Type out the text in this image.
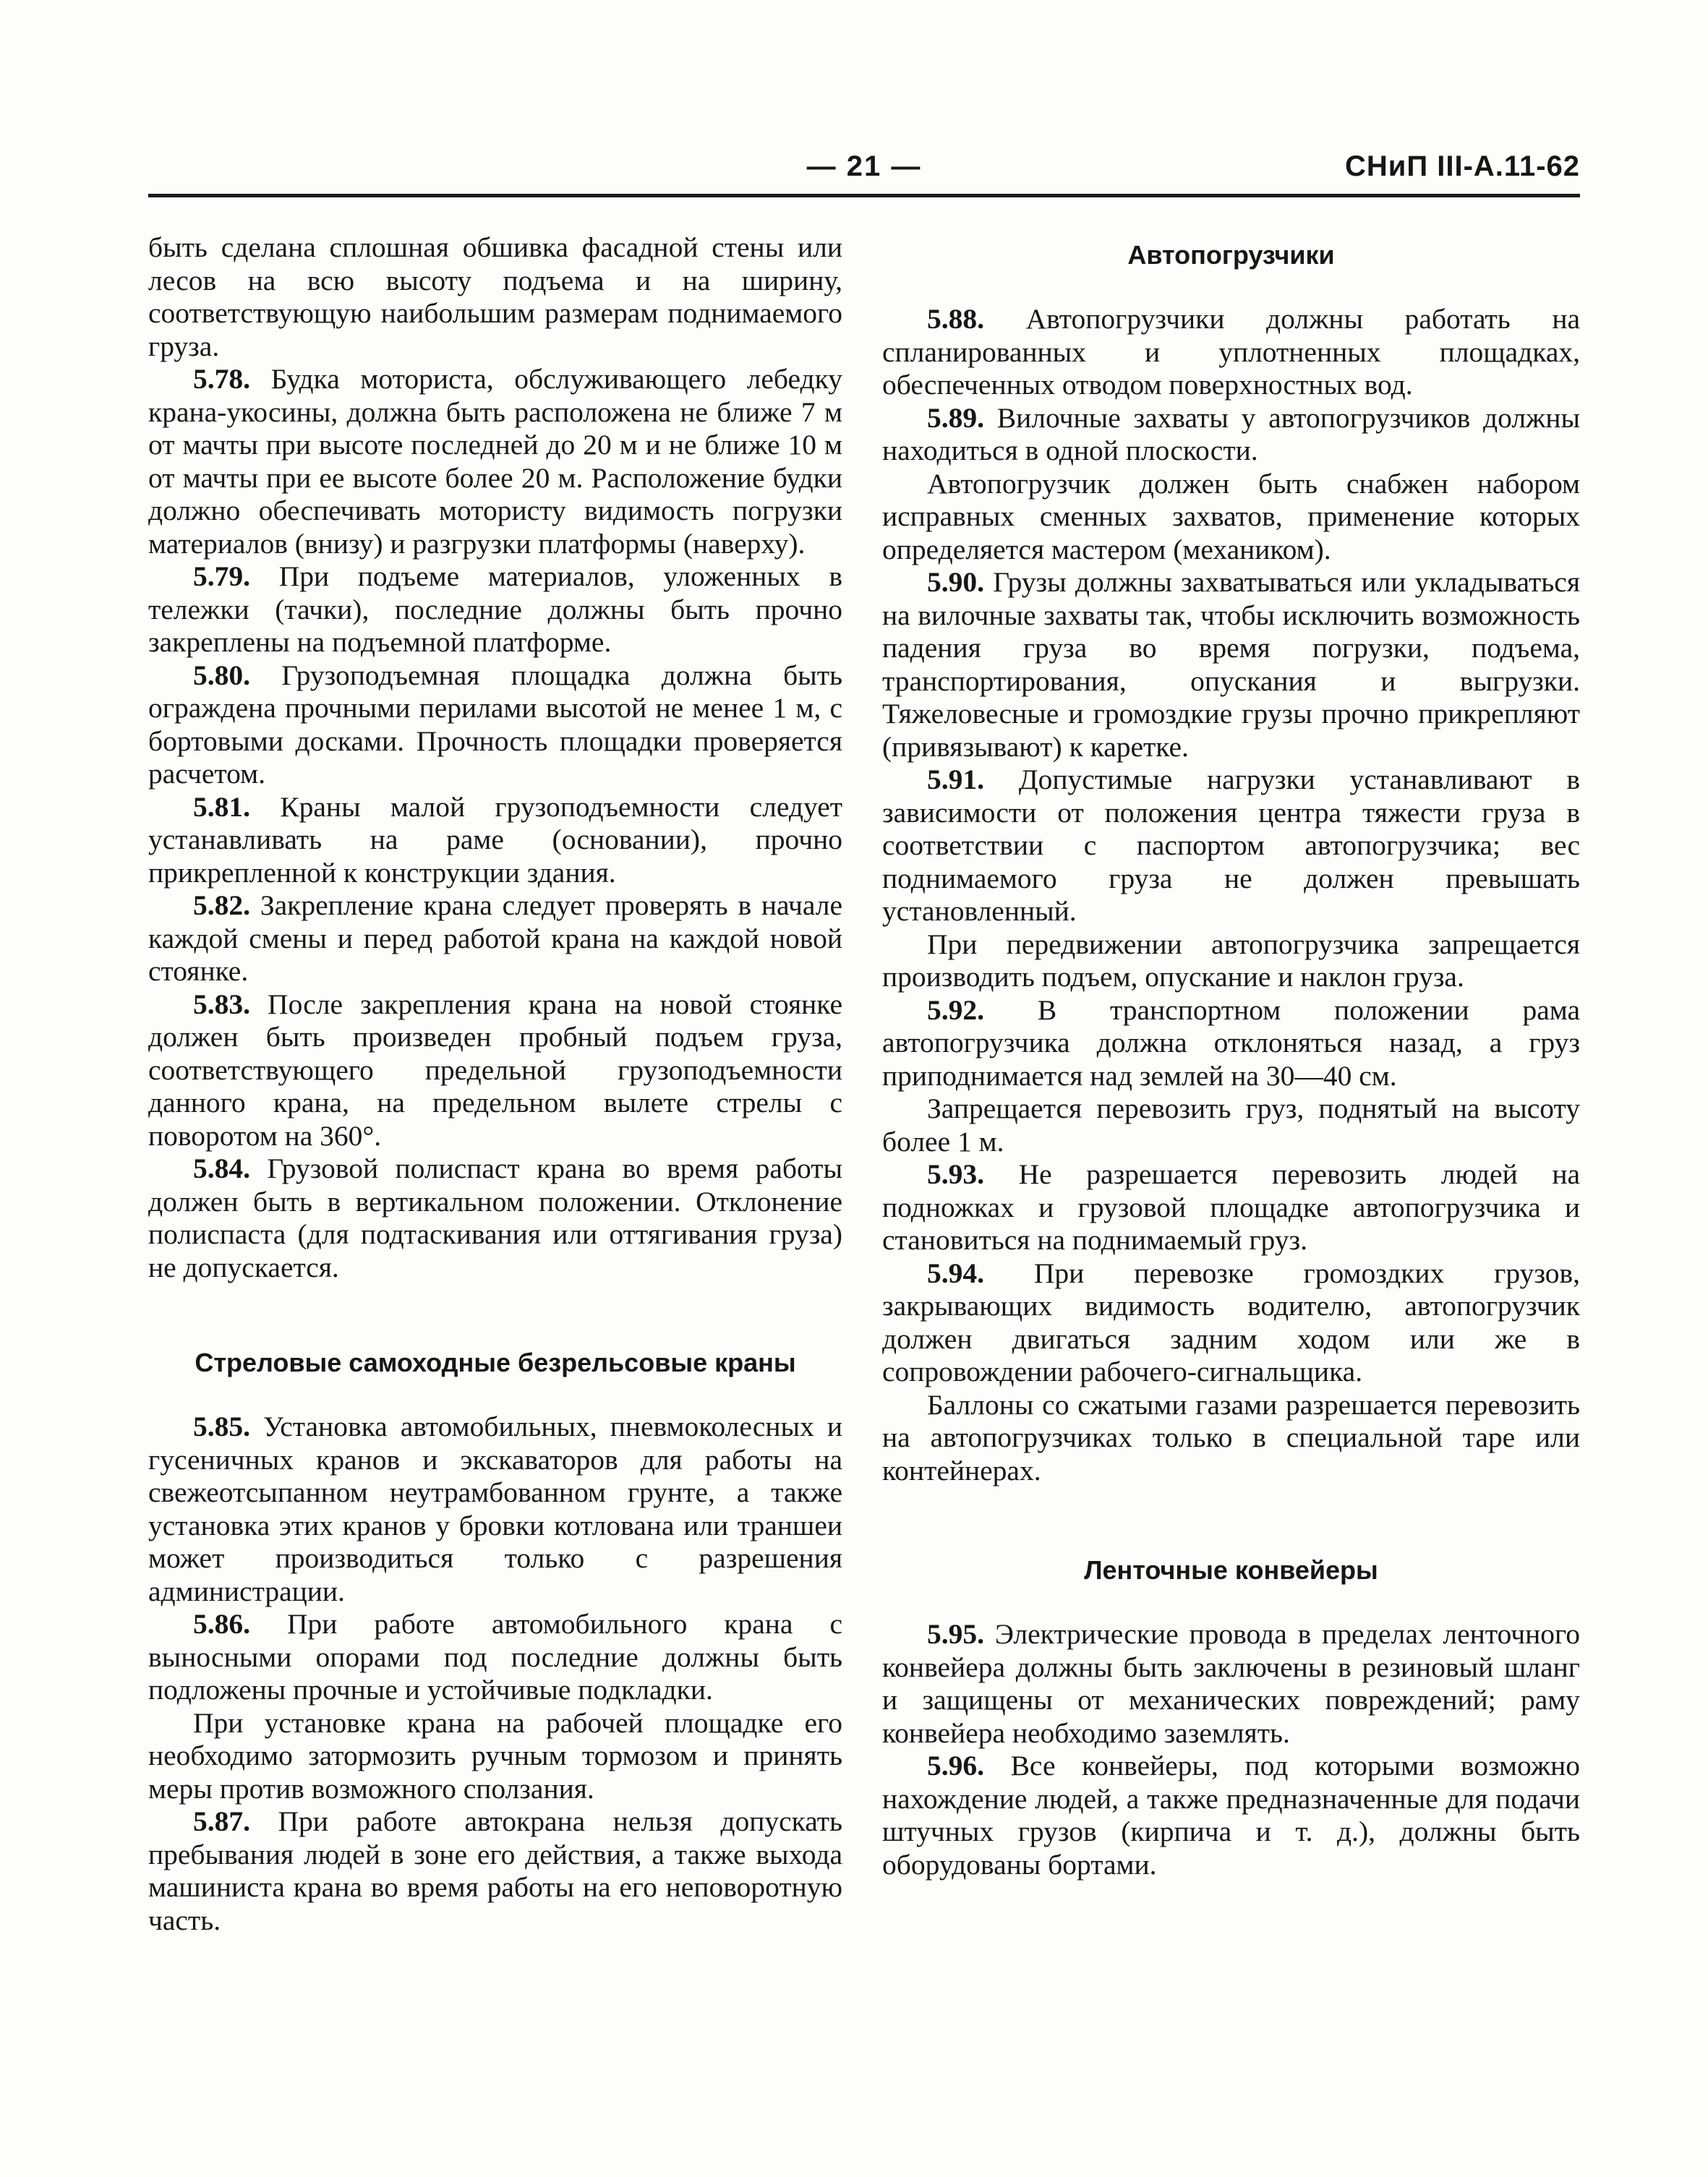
— 21 —	СНиП III-А.11-62

быть сделана сплошная обшивка фасадной стены или лесов на всю высоту подъема и на ширину, соответствующую наибольшим размерам поднимаемого груза.

5.78. Будка моториста, обслуживающего лебедку крана-укосины, должна быть расположена не ближе 7 м от мачты при высоте последней до 20 м и не ближе 10 м от мачты при ее высоте более 20 м. Расположение будки должно обеспечивать мотористу видимость погрузки материалов (внизу) и разгрузки платформы (наверху).

5.79. При подъеме материалов, уложенных в тележки (тачки), последние должны быть прочно закреплены на подъемной платформе.

5.80. Грузоподъемная площадка должна быть ограждена прочными перилами высотой не менее 1 м, с бортовыми досками. Прочность площадки проверяется расчетом.

5.81. Краны малой грузоподъемности следует устанавливать на раме (основании), прочно прикрепленной к конструкции здания.

5.82. Закрепление крана следует проверять в начале каждой смены и перед работой крана на каждой новой стоянке.

5.83. После закрепления крана на новой стоянке должен быть произведен пробный подъем груза, соответствующего предельной грузоподъемности данного крана, на предельном вылете стрелы с поворотом на 360°.

5.84. Грузовой полиспаст крана во время работы должен быть в вертикальном положении. Отклонение полиспаста (для подтаскивания или оттягивания груза) не допускается.

Стреловые самоходные безрельсовые краны

5.85. Установка автомобильных, пневмоколесных и гусеничных кранов и экскаваторов для работы на свежеотсыпанном неутрамбованном грунте, а также установка этих кранов у бровки котлована или траншеи может производиться только с разрешения администрации.

5.86. При работе автомобильного крана с выносными опорами под последние должны быть подложены прочные и устойчивые подкладки.

При установке крана на рабочей площадке его необходимо затормозить ручным тормозом и принять меры против возможного сползания.

5.87. При работе автокрана нельзя допускать пребывания людей в зоне его действия, а также выхода машиниста крана во время работы на его неповоротную часть.

Автопогрузчики

5.88. Автопогрузчики должны работать на спланированных и уплотненных площадках, обеспеченных отводом поверхностных вод.

5.89. Вилочные захваты у автопогрузчиков должны находиться в одной плоскости.

Автопогрузчик должен быть снабжен набором исправных сменных захватов, применение которых определяется мастером (механиком).

5.90. Грузы должны захватываться или укладываться на вилочные захваты так, чтобы исключить возможность падения груза во время погрузки, подъема, транспортирования, опускания и выгрузки. Тяжеловесные и громоздкие грузы прочно прикрепляют (привязывают) к каретке.

5.91. Допустимые нагрузки устанавливают в зависимости от положения центра тяжести груза в соответствии с паспортом автопогрузчика; вес поднимаемого груза не должен превышать установленный.

При передвижении автопогрузчика запрещается производить подъем, опускание и наклон груза.

5.92. В транспортном положении рама автопогрузчика должна отклоняться назад, а груз приподнимается над землей на 30—40 см.

Запрещается перевозить груз, поднятый на высоту более 1 м.

5.93. Не разрешается перевозить людей на подножках и грузовой площадке автопогрузчика и становиться на поднимаемый груз.

5.94. При перевозке громоздких грузов, закрывающих видимость водителю, автопогрузчик должен двигаться задним ходом или же в сопровождении рабочего-сигнальщика.

Баллоны со сжатыми газами разрешается перевозить на автопогрузчиках только в специальной таре или контейнерах.

Ленточные конвейеры

5.95. Электрические провода в пределах ленточного конвейера должны быть заключены в резиновый шланг и защищены от механических повреждений; раму конвейера необходимо заземлять.

5.96. Все конвейеры, под которыми возможно нахождение людей, а также предназначенные для подачи штучных грузов (кирпича и т. д.), должны быть оборудованы бортами.
